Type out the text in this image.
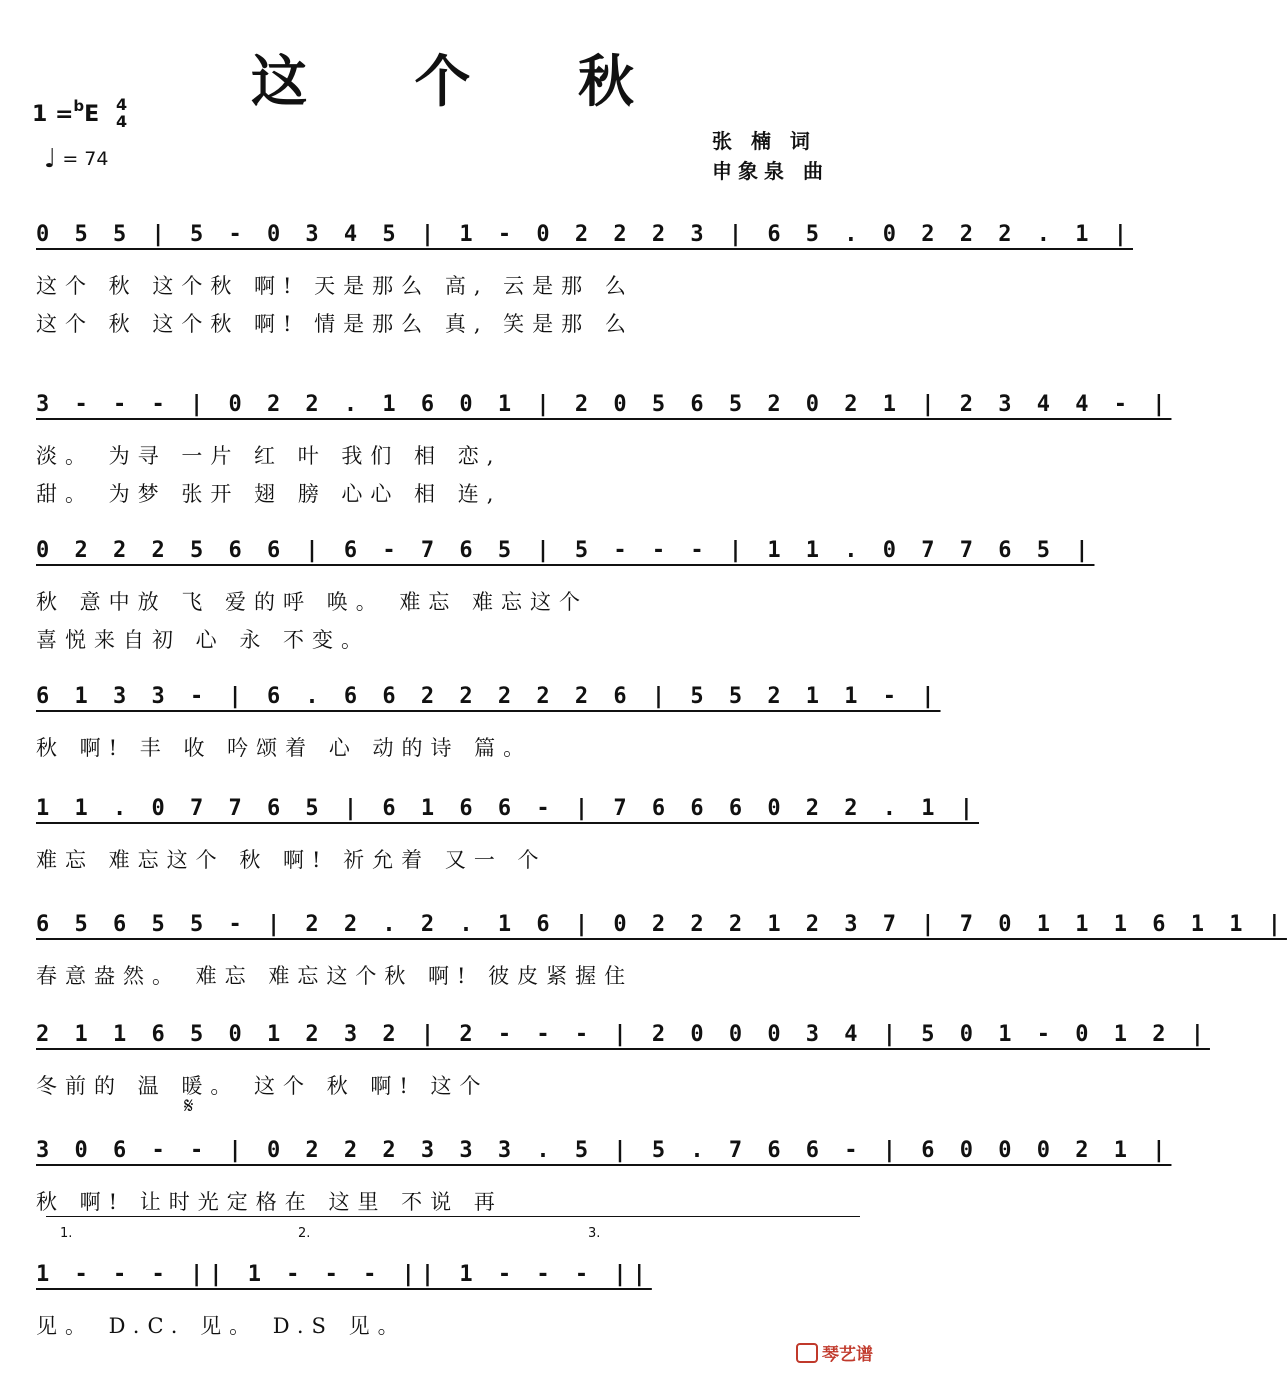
这 个 秋
1 =$^b$E 4
4
♩ = 74
张 楠 词
申象泉 曲
0 5 5 | 5 - 0 3 4 5 | 1 - 0 2 2 2 3 | 6 5 . 0 2 2 2 . 1 |
这个 秋 这个秋 啊! 天是那么 高, 云是那 么
这个 秋 这个秋 啊! 情是那么 真, 笑是那 么
3 - - - | 0 2 2 . 1 6 0 1 | 2 0 5 6 5 2 0 2 1 | 2 3 4 4 - |
淡。 为寻 一片 红 叶 我们 相 恋,
甜。 为梦 张开 翅 膀 心心 相 连,
0 2 2 2 5 6 6 | 6 - 7 6 5 | 5 - - - | 1 1 . 0 7 7 6 5 |
秋 意中放 飞 爱的呼 唤。 难忘 难忘这个
喜悦来自初 心 永 不变。
6 1 3 3 - | 6 . 6 6 2 2 2 2 2 6 | 5 5 2 1 1 - |
秋 啊! 丰 收 吟颂着 心 动的诗 篇。
1 1 . 0 7 7 6 5 | 6 1 6 6 - | 7 6 6 6 0 2 2 . 1 |
难忘 难忘这个 秋 啊! 祈允着 又一 个
6 5 6 5 5 - | 2 2 . 2 . 1 6 | 0 2 2 2 1 2 3 7 | 7 0 1 1 1 6 1 1 |
春意盎然。 难忘 难忘这个秋 啊! 彼皮紧握住
2 1 1 6 5 0 1 2 3 2 | 2 - - - | 2 0 0 0 3 4 | 5 0 1 - 0 1 2 |
冬前的 温 暖。 这个 秋 啊! 这个
𝄋
3 0 6 - - | 0 2 2 2 3 3 3 . 5 | 5 . 7 6 6 - | 6 0 0 0 2 1 |
秋 啊! 让时光定格在 这里 不说 再
1.	2.	3.
1 - - - || 1 - - - || 1 - - - ||
见。 D.C. 见。 D.S 见。
琴艺谱
